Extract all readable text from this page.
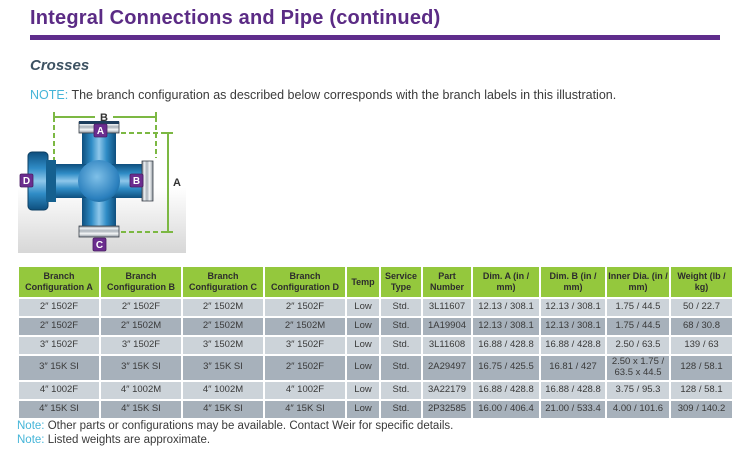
Integral Connections and Pipe (continued)
Crosses
NOTE: The branch configuration as described below corresponds with the branch labels in this illustration.
B
A
A
B
C
D
Branch Configuration A	Branch Configuration B	Branch Configuration C	Branch Configuration D	Temp	Service Type	Part Number	Dim. A (in / mm)	Dim. B (in / mm)	Inner Dia. (in / mm)	Weight (lb / kg)
2″ 1502F	2″ 1502F	2″ 1502M	2″ 1502F	Low	Std.	3L11607	12.13 / 308.1	12.13 / 308.1	1.75 / 44.5	50 / 22.7
2″ 1502F	2″ 1502M	2″ 1502M	2″ 1502M	Low	Std.	1A19904	12.13 / 308.1	12.13 / 308.1	1.75 / 44.5	68 / 30.8
3″ 1502F	3″ 1502F	3″ 1502M	3″ 1502F	Low	Std.	3L11608	16.88 / 428.8	16.88 / 428.8	2.50 / 63.5	139 / 63
3″ 15K SI	3″ 15K SI	3″ 15K SI	2″ 1502F	Low	Std.	2A29497	16.75 / 425.5	16.81 / 427	2.50 x 1.75 / 63.5 x 44.5	128 / 58.1
4″ 1002F	4″ 1002M	4″ 1002M	4″ 1002F	Low	Std.	3A22179	16.88 / 428.8	16.88 / 428.8	3.75 / 95.3	128 / 58.1
4″ 15K SI	4″ 15K SI	4″ 15K SI	4″ 15K SI	Low	Std.	2P32585	16.00 / 406.4	21.00 / 533.4	4.00 / 101.6	309 / 140.2
Note: Other parts or configurations may be available. Contact Weir for specific details.
Note: Listed weights are approximate.
